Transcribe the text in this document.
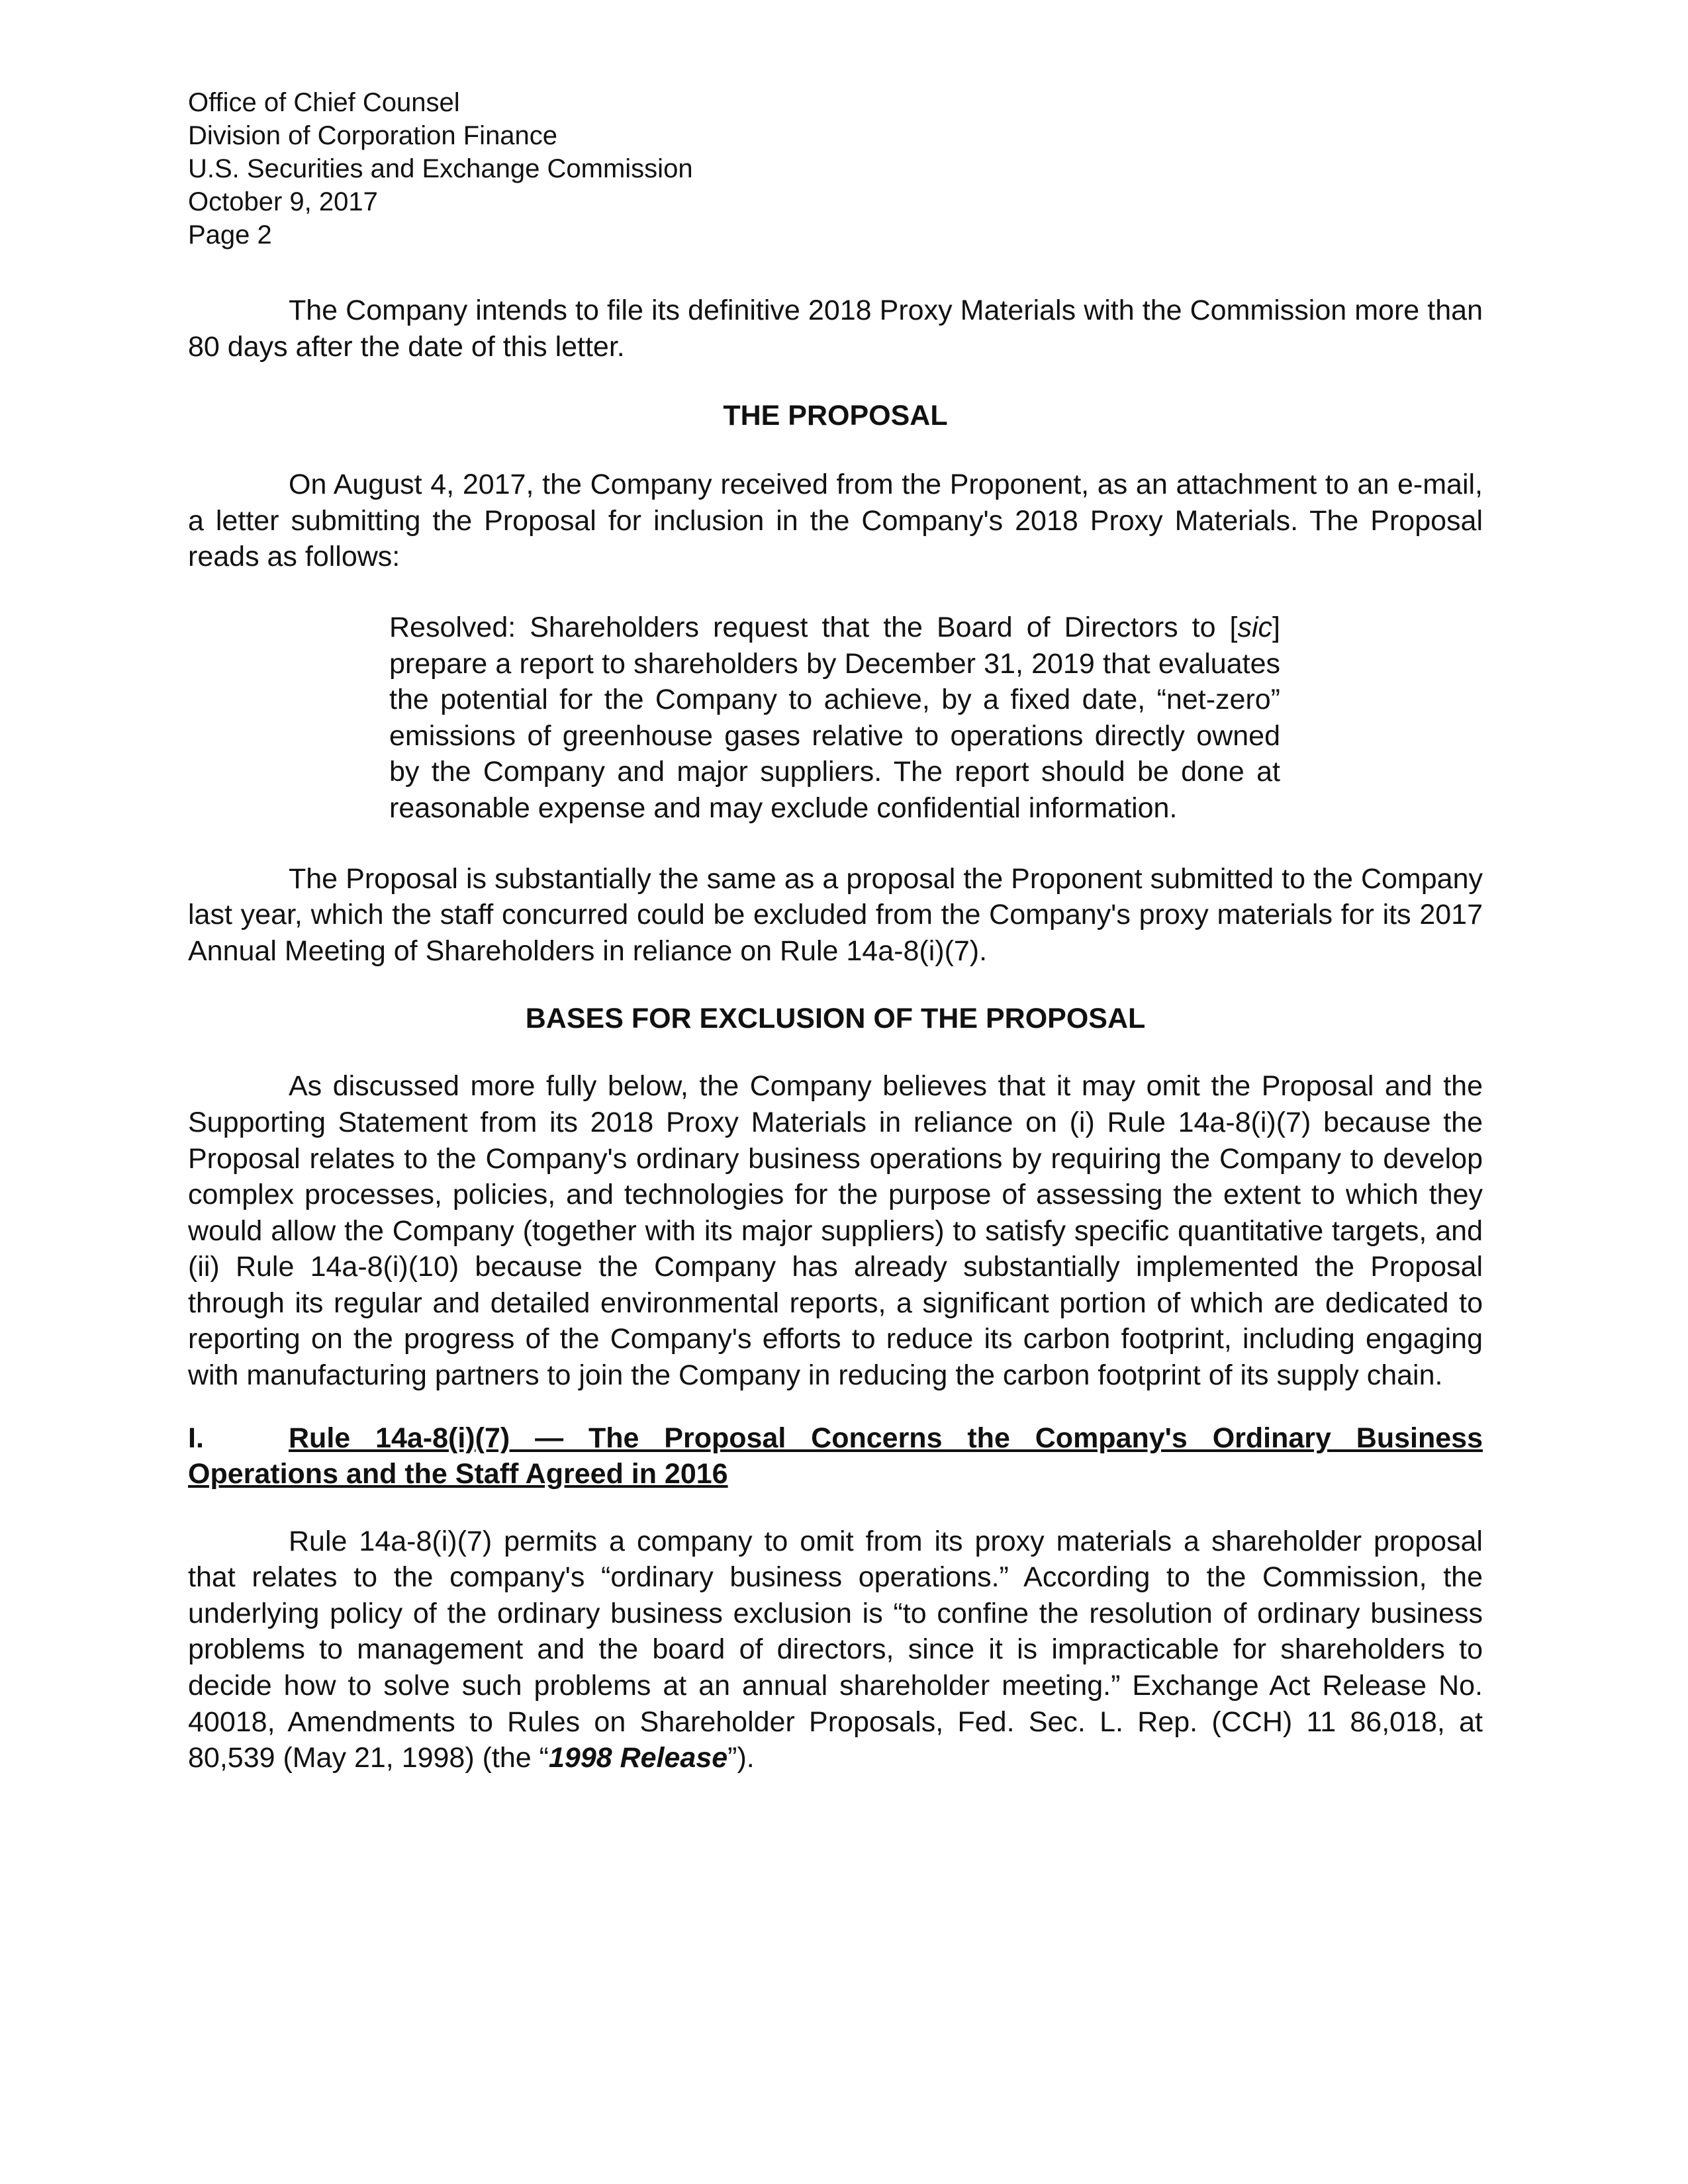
Office of Chief Counsel
Division of Corporation Finance
U.S. Securities and Exchange Commission
October 9, 2017
Page 2

The Company intends to file its definitive 2018 Proxy Materials with the Commission more than 80 days after the date of this letter.

THE PROPOSAL

On August 4, 2017, the Company received from the Proponent, as an attachment to an e-mail, a letter submitting the Proposal for inclusion in the Company's 2018 Proxy Materials. The Proposal reads as follows:

Resolved: Shareholders request that the Board of Directors to [sic] prepare a report to shareholders by December 31, 2019 that evaluates the potential for the Company to achieve, by a fixed date, “net-zero” emissions of greenhouse gases relative to operations directly owned by the Company and major suppliers. The report should be done at reasonable expense and may exclude confidential information.

The Proposal is substantially the same as a proposal the Proponent submitted to the Company last year, which the staff concurred could be excluded from the Company's proxy materials for its 2017 Annual Meeting of Shareholders in reliance on Rule 14a-8(i)(7).

BASES FOR EXCLUSION OF THE PROPOSAL

As discussed more fully below, the Company believes that it may omit the Proposal and the Supporting Statement from its 2018 Proxy Materials in reliance on (i) Rule 14a-8(i)(7) because the Proposal relates to the Company's ordinary business operations by requiring the Company to develop complex processes, policies, and technologies for the purpose of assessing the extent to which they would allow the Company (together with its major suppliers) to satisfy specific quantitative targets, and (ii) Rule 14a-8(i)(10) because the Company has already substantially implemented the Proposal through its regular and detailed environmental reports, a significant portion of which are dedicated to reporting on the progress of the Company's efforts to reduce its carbon footprint, including engaging with manufacturing partners to join the Company in reducing the carbon footprint of its supply chain.

I.	Rule 14a-8(i)(7) — The Proposal Concerns the Company's Ordinary Business Operations and the Staff Agreed in 2016

Rule 14a-8(i)(7) permits a company to omit from its proxy materials a shareholder proposal that relates to the company's “ordinary business operations.” According to the Commission, the underlying policy of the ordinary business exclusion is “to confine the resolution of ordinary business problems to management and the board of directors, since it is impracticable for shareholders to decide how to solve such problems at an annual shareholder meeting.” Exchange Act Release No. 40018, Amendments to Rules on Shareholder Proposals, Fed. Sec. L. Rep. (CCH) 11 86,018, at 80,539 (May 21, 1998) (the “1998 Release”).
